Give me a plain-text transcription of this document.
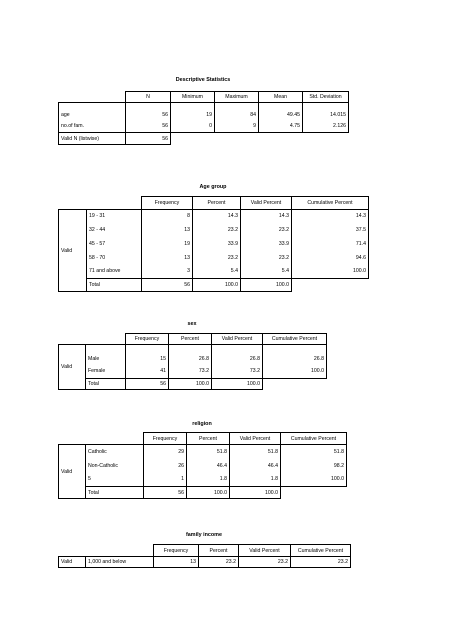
Descriptive Statistics
	N	Minimum	Maximum	Mean	Std. Deviation

age	56	19	84	49.45	14.015
no.of fam.	56	0	9	4.75	2.126
Valid N (listwise)	56				
Age group
		Frequency	Percent	Valid Percent	Cumulative Percent
Valid	19 - 31	8	14.3	14.3	14.3
	32 - 44	13	23.2	23.2	37.5
	45 - 57	19	33.9	33.9	71.4
	58 - 70	13	23.2	23.2	94.6
	71 and above	3	5.4	5.4	100.0
	Total	56	100.0	100.0	
sex
		Frequency	Percent	Valid Percent	Cumulative Percent
Valid					
	Male	15	26.8	26.8	26.8
	Female	41	73.2	73.2	100.0
	Total	56	100.0	100.0	
religion
		Frequency	Percent	Valid Percent	Cumulative Percent
Valid	Catholic	29	51.8	51.8	51.8
	Non-Catholic	26	46.4	46.4	98.2
	5	1	1.8	1.8	100.0
	Total	56	100.0	100.0	
family income
		Frequency	Percent	Valid Percent	Cumulative Percent
Valid	1,000 and below	13	23.2	23.2	23.2
